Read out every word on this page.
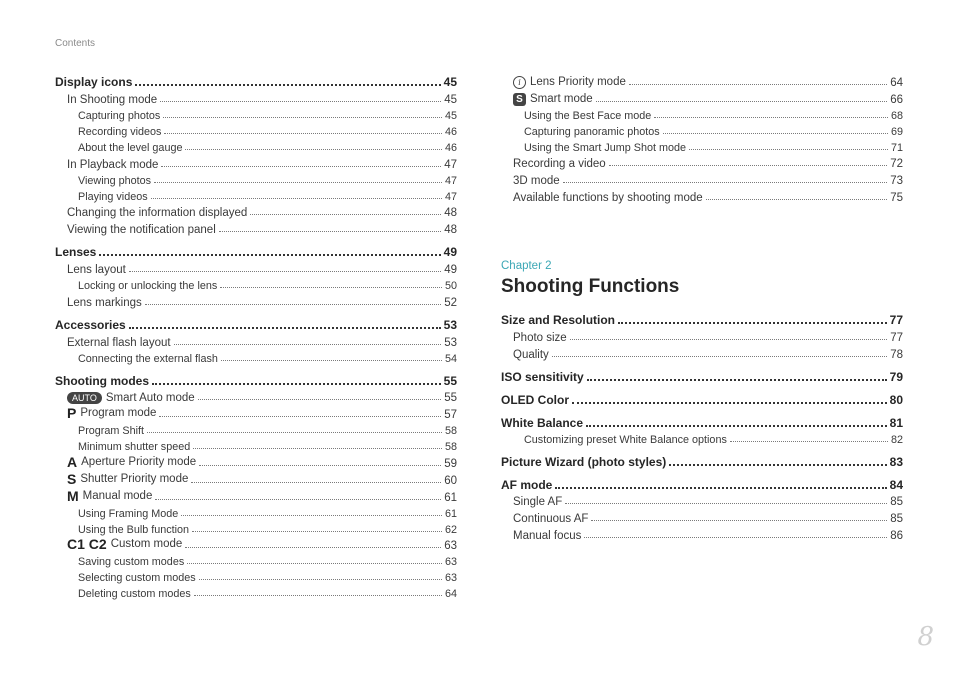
Contents
Display icons	45
In Shooting mode	45
Capturing photos	45
Recording videos	46
About the level gauge	46
In Playback mode	47
Viewing photos	47
Playing videos	47
Changing the information displayed	48
Viewing the notification panel	48
Lenses	49
Lens layout	49
Locking or unlocking the lens	50
Lens markings	52
Accessories	53
External flash layout	53
Connecting the external flash	54
Shooting modes	55
AUTO Smart Auto mode	55
P Program mode	57
Program Shift	58
Minimum shutter speed	58
A Aperture Priority mode	59
S Shutter Priority mode	60
M Manual mode	61
Using Framing Mode	61
Using the Bulb function	62
C1 C2 Custom mode	63
Saving custom modes	63
Selecting custom modes	63
Deleting custom modes	64
i Lens Priority mode	64
S Smart mode	66
Using the Best Face mode	68
Capturing panoramic photos	69
Using the Smart Jump Shot mode	71
Recording a video	72
3D mode	73
Available functions by shooting mode	75
Chapter 2
Shooting Functions
Size and Resolution	77
Photo size	77
Quality	78
ISO sensitivity	79
OLED Color	80
White Balance	81
Customizing preset White Balance options	82
Picture Wizard (photo styles)	83
AF mode	84
Single AF	85
Continuous AF	85
Manual focus	86
8
